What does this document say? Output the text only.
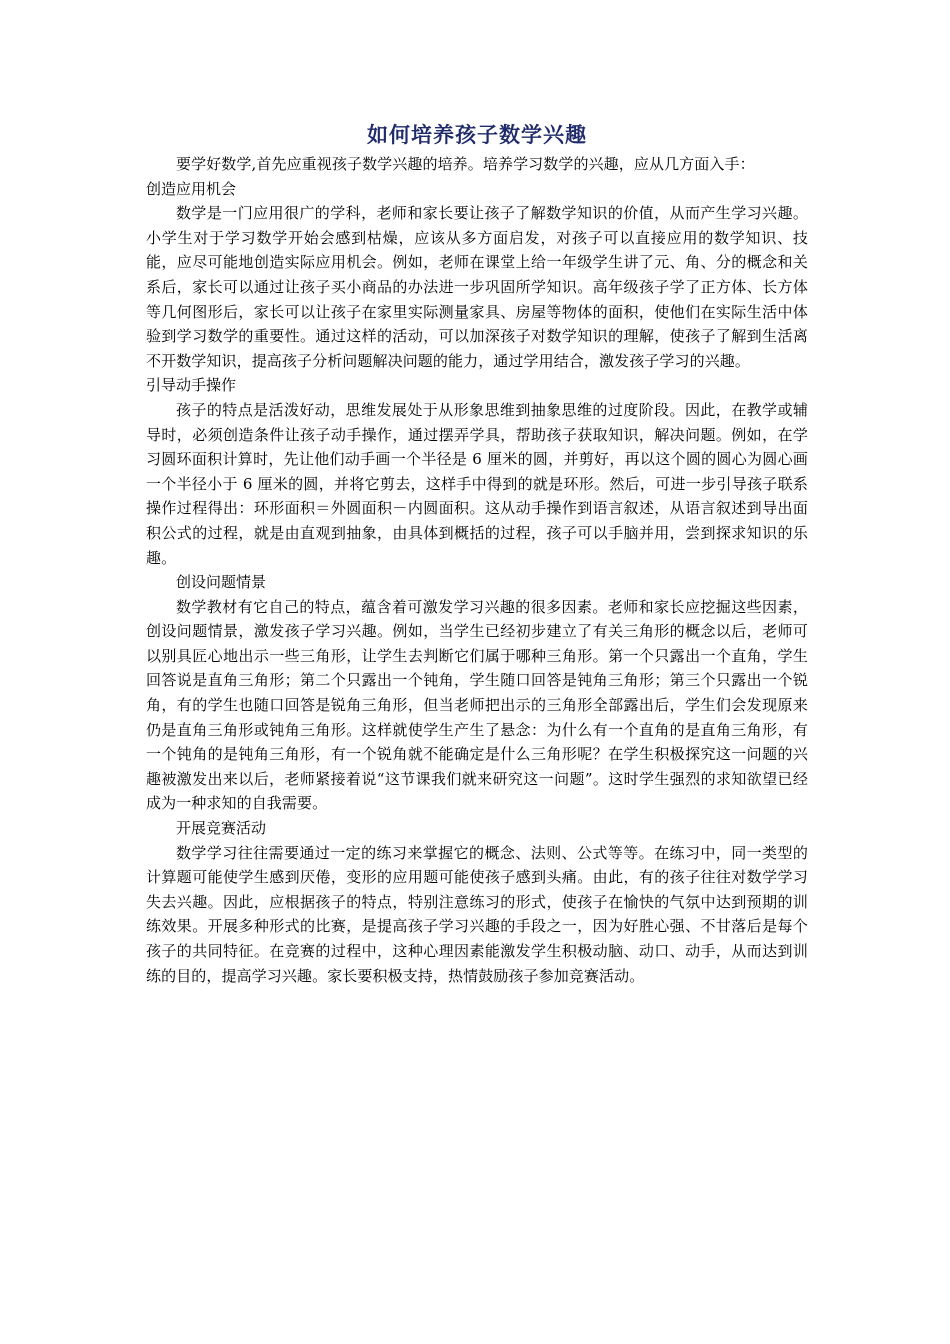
如何培养孩子数学兴趣

要学好数学,首先应重视孩子数学兴趣的培养。培养学习数学的兴趣，应从几方面入手：

创造应用机会

数学是一门应用很广的学科，老师和家长要让孩子了解数学知识的价值，从而产生学习兴趣。小学生对于学习数学开始会感到枯燥，应该从多方面启发，对孩子可以直接应用的数学知识、技能，应尽可能地创造实际应用机会。例如，老师在课堂上给一年级学生讲了元、角、分的概念和关系后，家长可以通过让孩子买小商品的办法进一步巩固所学知识。高年级孩子学了正方体、长方体等几何图形后，家长可以让孩子在家里实际测量家具、房屋等物体的面积，使他们在实际生活中体验到学习数学的重要性。通过这样的活动，可以加深孩子对数学知识的理解，使孩子了解到生活离不开数学知识，提高孩子分析问题解决问题的能力，通过学用结合，激发孩子学习的兴趣。

引导动手操作

孩子的特点是活泼好动，思维发展处于从形象思维到抽象思维的过度阶段。因此，在教学或辅导时，必须创造条件让孩子动手操作，通过摆弄学具，帮助孩子获取知识，解决问题。例如，在学习圆环面积计算时，先让他们动手画一个半径是 6 厘米的圆，并剪好，再以这个圆的圆心为圆心画一个半径小于 6 厘米的圆，并将它剪去，这样手中得到的就是环形。然后，可进一步引导孩子联系操作过程得出：环形面积＝外圆面积－内圆面积。这从动手操作到语言叙述，从语言叙述到导出面积公式的过程，就是由直观到抽象，由具体到概括的过程，孩子可以手脑并用，尝到探求知识的乐趣。

创设问题情景

数学教材有它自己的特点，蕴含着可激发学习兴趣的很多因素。老师和家长应挖掘这些因素，创设问题情景，激发孩子学习兴趣。例如，当学生已经初步建立了有关三角形的概念以后，老师可以别具匠心地出示一些三角形，让学生去判断它们属于哪种三角形。第一个只露出一个直角，学生回答说是直角三角形；第二个只露出一个钝角，学生随口回答是钝角三角形；第三个只露出一个锐角，有的学生也随口回答是锐角三角形，但当老师把出示的三角形全部露出后，学生们会发现原来仍是直角三角形或钝角三角形。这样就使学生产生了悬念：为什么有一个直角的是直角三角形，有一个钝角的是钝角三角形，有一个锐角就不能确定是什么三角形呢？在学生积极探究这一问题的兴趣被激发出来以后，老师紧接着说“这节课我们就来研究这一问题”。这时学生强烈的求知欲望已经成为一种求知的自我需要。

开展竞赛活动

数学学习往往需要通过一定的练习来掌握它的概念、法则、公式等等。在练习中，同一类型的计算题可能使学生感到厌倦，变形的应用题可能使孩子感到头痛。由此，有的孩子往往对数学学习失去兴趣。因此，应根据孩子的特点，特别注意练习的形式，使孩子在愉快的气氛中达到预期的训练效果。开展多种形式的比赛，是提高孩子学习兴趣的手段之一，因为好胜心强、不甘落后是每个孩子的共同特征。在竞赛的过程中，这种心理因素能激发学生积极动脑、动口、动手，从而达到训练的目的，提高学习兴趣。家长要积极支持，热情鼓励孩子参加竞赛活动。
